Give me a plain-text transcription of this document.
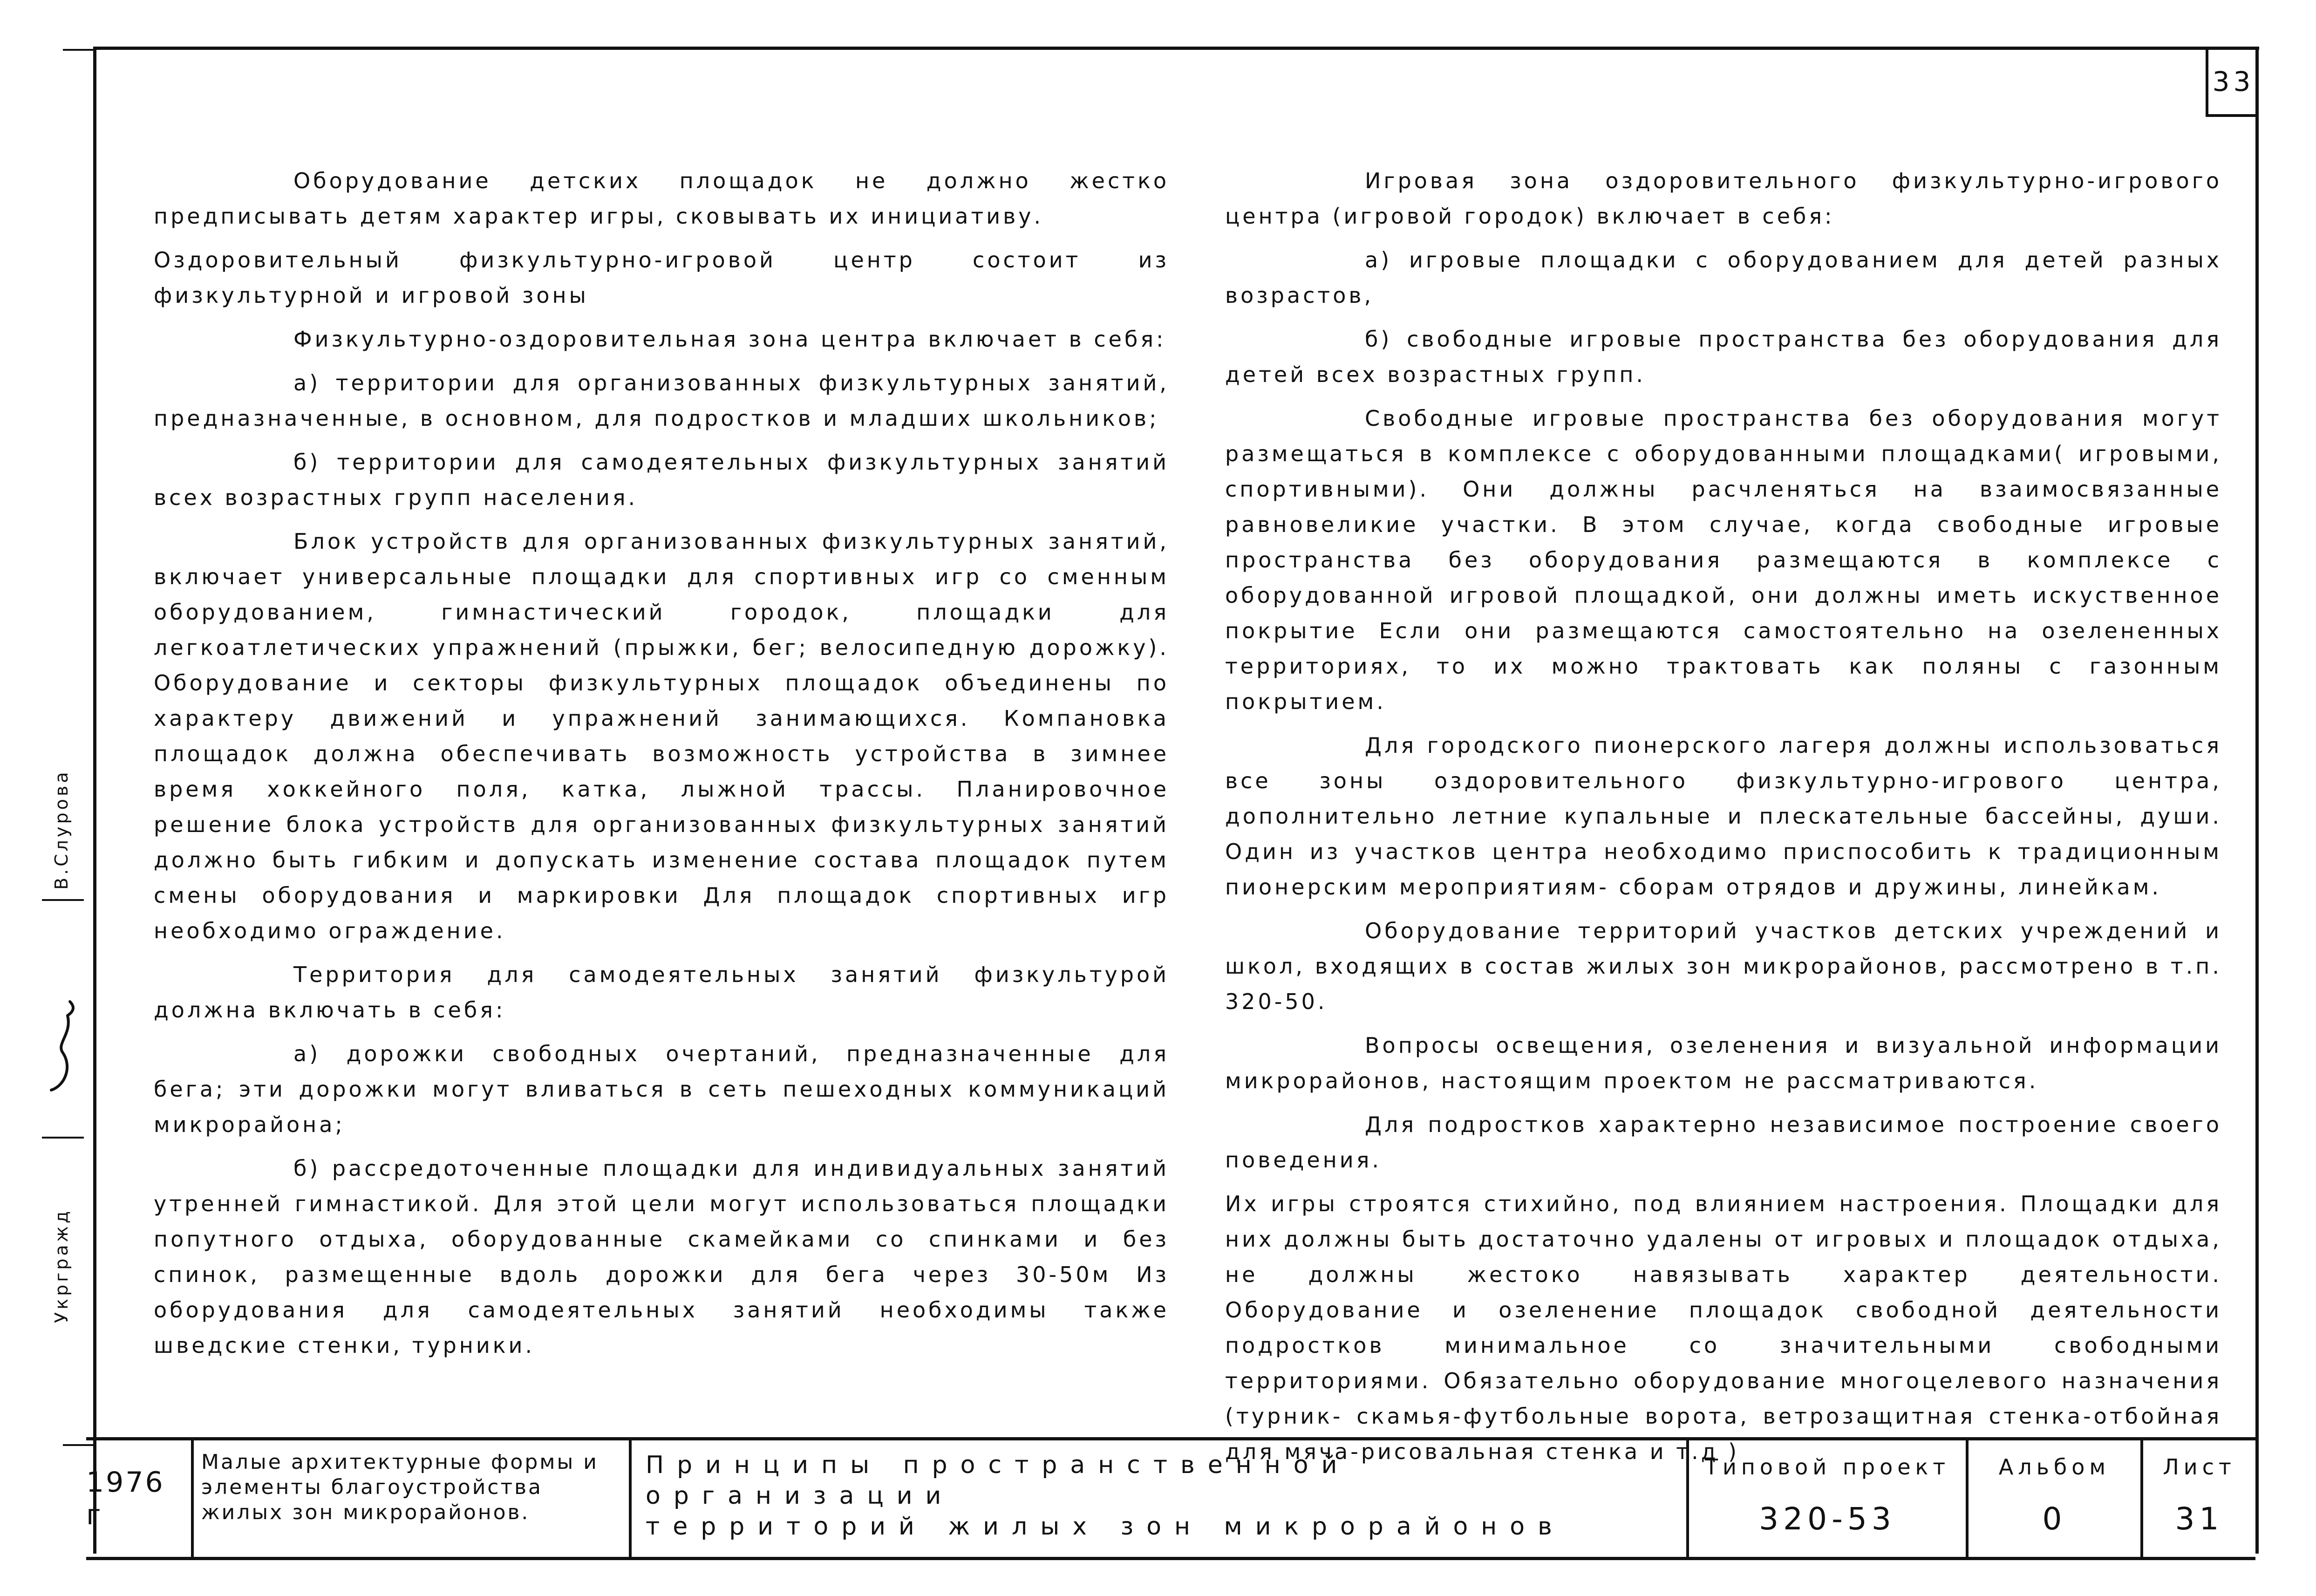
33

Оборудование детских площадок не должно жестко предписывать детям характер игры, сковывать их инициативу.

Оздоровительный физкультурно-игровой центр состоит из физкультурной и игровой зоны

Физкультурно-оздоровительная зона центра включает в себя:

а) территории для организованных физкультурных занятий, предназначенные, в основном, для подростков и младших школьников;

б) территории для самодеятельных физкультурных занятий всех возрастных групп населения.

Блок устройств для организованных физкультурных занятий, включает универсальные площадки для спортивных игр со сменным оборудованием, гимнастический городок, площадки для легкоатлетических упражнений (прыжки, бег; велосипедную дорожку). Оборудование и секторы физкультурных площадок объединены по характеру движений и упражнений занимающихся. Компановка площадок должна обеспечивать возможность устройства в зимнее время хоккейного поля, катка, лыжной трассы. Планировочное решение блока устройств для организованных физкультурных занятий должно быть гибким и допускать изменение состава площадок путем смены оборудования и маркировки Для площадок спортивных игр необходимо ограждение.

Территория для самодеятельных занятий физкультурой должна включать в себя:

а) дорожки свободных очертаний, предназначенные для бега; эти дорожки могут вливаться в сеть пешеходных коммуникаций микрорайона;

б) рассредоточенные площадки для индивидуальных занятий утренней гимнастикой. Для этой цели могут использоваться площадки попутного отдыха, оборудованные скамейками со спинками и без спинок, размещенные вдоль дорожки для бега через 30-50м Из оборудования для самодеятельных занятий необходимы также шведские стенки, турники.

Игровая зона оздоровительного физкультурно-игрового центра (игровой городок) включает в себя:

а) игровые площадки с оборудованием для детей разных возрастов,

б) свободные игровые пространства без оборудования для детей всех возрастных групп.

Свободные игровые пространства без оборудования могут размещаться в комплексе с оборудованными площадками( игровыми, спортивными). Они должны расчленяться на взаимосвязанные равновеликие участки. В этом случае, когда свободные игровые пространства без оборудования размещаются в комплексе с оборудованной игровой площадкой, они должны иметь искуственное покрытие Если они размещаются самостоятельно на озелененных территориях, то их можно трактовать как поляны с газонным покрытием.

Для городского пионерского лагеря должны использоваться все зоны оздоровительного физкультурно-игрового центра, дополнительно летние купальные и плескательные бассейны, души. Один из участков центра необходимо приспособить к традиционным пионерским мероприятиям- сборам отрядов и дружины, линейкам.

Оборудование территорий участков детских учреждений и школ, входящих в состав жилых зон микрорайонов, рассмотрено в т.п. 320-50.

Вопросы освещения, озеленения и визуальной информации микрорайонов, настоящим проектом не рассматриваются.

Для подростков характерно независимое построение своего поведения.

Их игры строятся стихийно, под влиянием настроения. Площадки для них должны быть достаточно удалены от игровых и площадок отдыха, не должны жестоко навязывать характер деятельности. Оборудование и озеленение площадок свободной деятельности подростков минимальное со значительными свободными территориями. Обязательно оборудование многоцелевого назначения (турник- скамья-футбольные ворота, ветрозащитная стенка-отбойная для мяча-рисовальная стенка и т.д )

В.Слурова
Укргражд
1976 г
Малые архитектурные формы и элементы благоустройства жилых зон микрорайонов.
Принципы пространственной организации
территорий жилых зон микрорайонов
Типовой проект
320-53
Альбом
0
Лист
31
